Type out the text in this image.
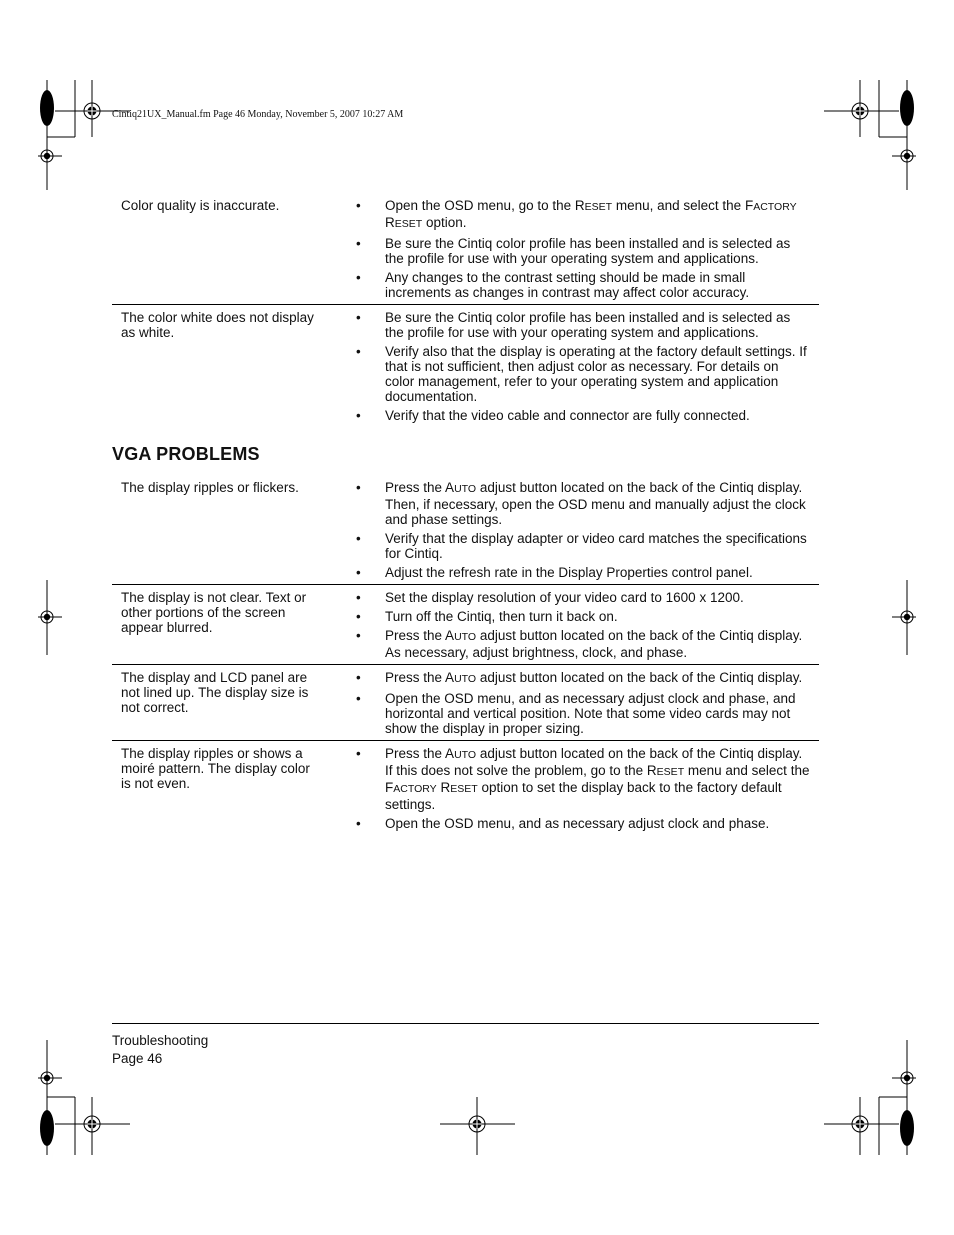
Cintiq21UX_Manual.fm Page 46 Monday, November 5, 2007 10:27 AM
Color quality is inaccurate.	• Open the OSD menu, go to the RESET menu, and select the FACTORY RESET option.
• Be sure the Cintiq color profile has been installed and is selected as the profile for use with your operating system and applications.
• Any changes to the contrast setting should be made in small increments as changes in contrast may affect color accuracy.
The color white does not display as white.
• Be sure the Cintiq color profile has been installed and is selected as the profile for use with your operating system and applications.
• Verify also that the display is operating at the factory default settings. If that is not sufficient, then adjust color as necessary. For details on color management, refer to your operating system and application documentation.
• Verify that the video cable and connector are fully connected.
VGA PROBLEMS
The display ripples or flickers.	• Press the AUTO adjust button located on the back of the Cintiq display. Then, if necessary, open the OSD menu and manually adjust the clock and phase settings.
• Verify that the display adapter or video card matches the specifications for Cintiq.
• Adjust the refresh rate in the Display Properties control panel.
The display is not clear. Text or other portions of the screen appear blurred.
• Set the display resolution of your video card to 1600 x 1200.
• Turn off the Cintiq, then turn it back on.
• Press the AUTO adjust button located on the back of the Cintiq display. As necessary, adjust brightness, clock, and phase.
The display and LCD panel are not lined up. The display size is not correct.
• Press the AUTO adjust button located on the back of the Cintiq display.
• Open the OSD menu, and as necessary adjust clock and phase, and horizontal and vertical position. Note that some video cards may not show the display in proper sizing.
The display ripples or shows a moiré pattern. The display color is not even.
• Press the AUTO adjust button located on the back of the Cintiq display. If this does not solve the problem, go to the RESET menu and select the FACTORY RESET option to set the display back to the factory default settings.
• Open the OSD menu, and as necessary adjust clock and phase.
Troubleshooting
Page 46
